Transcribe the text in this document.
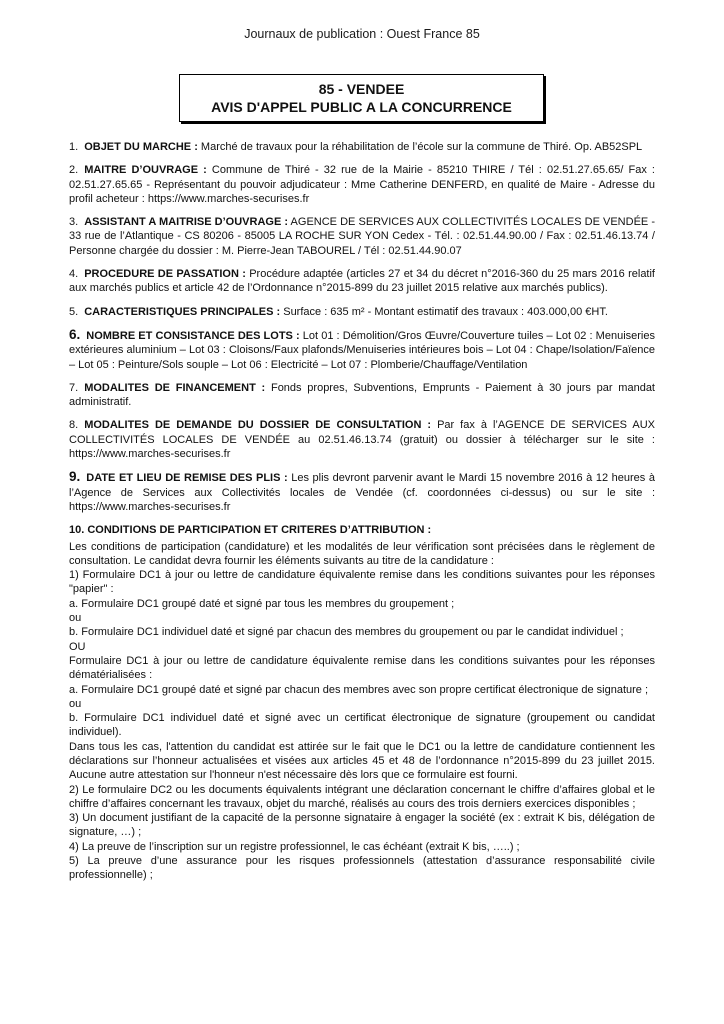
Journaux de publication : Ouest France 85
85 - VENDEE
AVIS D'APPEL PUBLIC A LA CONCURRENCE

1. OBJET DU MARCHE : Marché de travaux pour la réhabilitation de l’école sur la commune de Thiré. Op. AB52SPL

2. MAITRE D’OUVRAGE : Commune de Thiré - 32 rue de la Mairie - 85210 THIRE / Tél : 02.51.27.65.65/ Fax : 02.51.27.65.65 - Représentant du pouvoir adjudicateur : Mme Catherine DENFERD, en qualité de Maire - Adresse du profil acheteur : https://www.marches-securises.fr

3. ASSISTANT A MAITRISE D’OUVRAGE : AGENCE DE SERVICES AUX COLLECTIVITÉS LOCALES DE VENDÉE - 33 rue de l’Atlantique - CS 80206 - 85005 LA ROCHE SUR YON Cedex - Tél. : 02.51.44.90.00 / Fax : 02.51.46.13.74 / Personne chargée du dossier : M. Pierre-Jean TABOUREL / Tél : 02.51.44.90.07

4. PROCEDURE DE PASSATION : Procédure adaptée (articles 27 et 34 du décret n°2016-360 du 25 mars 2016 relatif aux marchés publics et article 42 de l’Ordonnance n°2015-899 du 23 juillet 2015 relative aux marchés publics).

5. CARACTERISTIQUES PRINCIPALES : Surface : 635 m² - Montant estimatif des travaux : 403.000,00 €HT.

6. NOMBRE ET CONSISTANCE DES LOTS : Lot 01 : Démolition/Gros Œuvre/Couverture tuiles – Lot 02 : Menuiseries extérieures aluminium – Lot 03 : Cloisons/Faux plafonds/Menuiseries intérieures bois – Lot 04 : Chape/Isolation/Faïence – Lot 05 : Peinture/Sols souple – Lot 06 : Electricité – Lot 07 : Plomberie/Chauffage/Ventilation

7. MODALITES DE FINANCEMENT : Fonds propres, Subventions, Emprunts - Paiement à 30 jours par mandat administratif.

8. MODALITES DE DEMANDE DU DOSSIER DE CONSULTATION : Par fax à l’AGENCE DE SERVICES AUX COLLECTIVITÉS LOCALES DE VENDÉE au 02.51.46.13.74 (gratuit) ou dossier à télécharger sur le site : https://www.marches-securises.fr

9. DATE ET LIEU DE REMISE DES PLIS : Les plis devront parvenir avant le Mardi 15 novembre 2016 à 12 heures à l’Agence de Services aux Collectivités locales de Vendée (cf. coordonnées ci-dessus) ou sur le site : https://www.marches-securises.fr

10. CONDITIONS DE PARTICIPATION ET CRITERES D’ATTRIBUTION :

Les conditions de participation (candidature) et les modalités de leur vérification sont précisées dans le règlement de consultation. Le candidat devra fournir les éléments suivants au titre de la candidature :

1) Formulaire DC1 à jour ou lettre de candidature équivalente remise dans les conditions suivantes pour les réponses "papier" :

a. Formulaire DC1 groupé daté et signé par tous les membres du groupement ;

ou

b. Formulaire DC1 individuel daté et signé par chacun des membres du groupement ou par le candidat individuel ;

OU

Formulaire DC1 à jour ou lettre de candidature équivalente remise dans les conditions suivantes pour les réponses dématérialisées :

a. Formulaire DC1 groupé daté et signé par chacun des membres avec son propre certificat électronique de signature ;

ou

b. Formulaire DC1 individuel daté et signé avec un certificat électronique de signature (groupement ou candidat individuel).

Dans tous les cas, l'attention du candidat est attirée sur le fait que le DC1 ou la lettre de candidature contiennent les déclarations sur l’honneur actualisées et visées aux articles 45 et 48 de l’ordonnance n°2015-899 du 23 juillet 2015. Aucune autre attestation sur l'honneur n'est nécessaire dès lors que ce formulaire est fourni.

2) Le formulaire DC2 ou les documents équivalents intégrant une déclaration concernant le chiffre d’affaires global et le chiffre d’affaires concernant les travaux, objet du marché, réalisés au cours des trois derniers exercices disponibles ;

3) Un document justifiant de la capacité de la personne signataire à engager la société (ex : extrait K bis, délégation de signature, …) ;

4) La preuve de l’inscription sur un registre professionnel, le cas échéant (extrait K bis, …..) ;

5) La preuve d’une assurance pour les risques professionnels (attestation d’assurance responsabilité civile professionnelle) ;
